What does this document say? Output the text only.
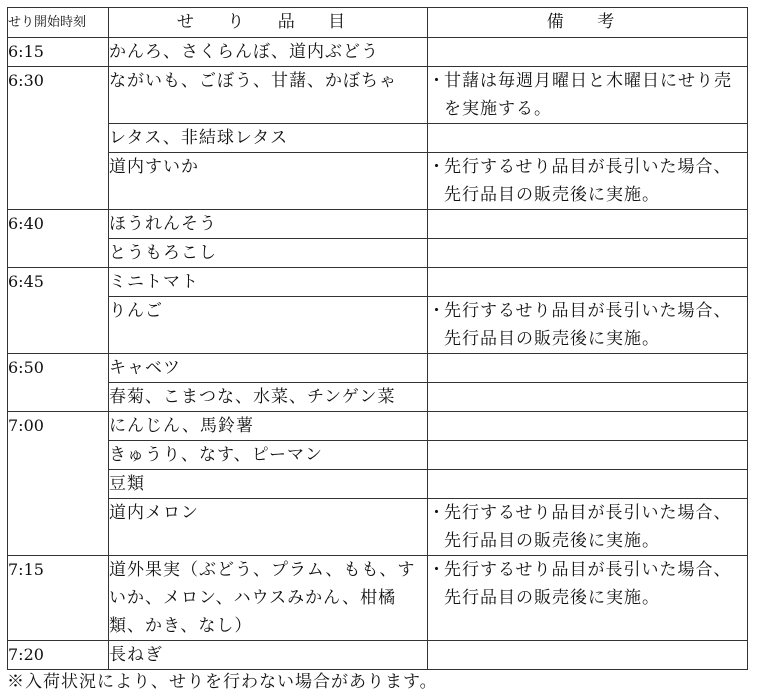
せり開始時刻	せ り 品 目	備 考
6:15	かんろ、さくらんぼ、道内ぶどう	
6:30	ながいも、ごぼう、甘藷、かぼちゃ	・
甘藷は毎週月曜日と木曜日にせり売を実施する。

	レタス、非結球レタス	
	道内すいか	・
先行するせり品目が長引いた場合、先行品目の販売後に実施。

6:40	ほうれんそう	
	とうもろこし	
6:45	ミニトマト	
	りんご	・
先行するせり品目が長引いた場合、先行品目の販売後に実施。

6:50	キャベツ	
	春菊、こまつな、水菜、チンゲン菜	
7:00	にんじん、馬鈴薯	
	きゅうり、なす、ピーマン	
	豆類	
	道内メロン	・
先行するせり品目が長引いた場合、先行品目の販売後に実施。

7:15	道外果実（ぶどう、プラム、もも、すいか、メロン、ハウスみかん、柑橘類、かき、なし）	・
先行するせり品目が長引いた場合、先行品目の販売後に実施。

7:20	長ねぎ	
※入荷状況により、せりを行わない場合があります。
